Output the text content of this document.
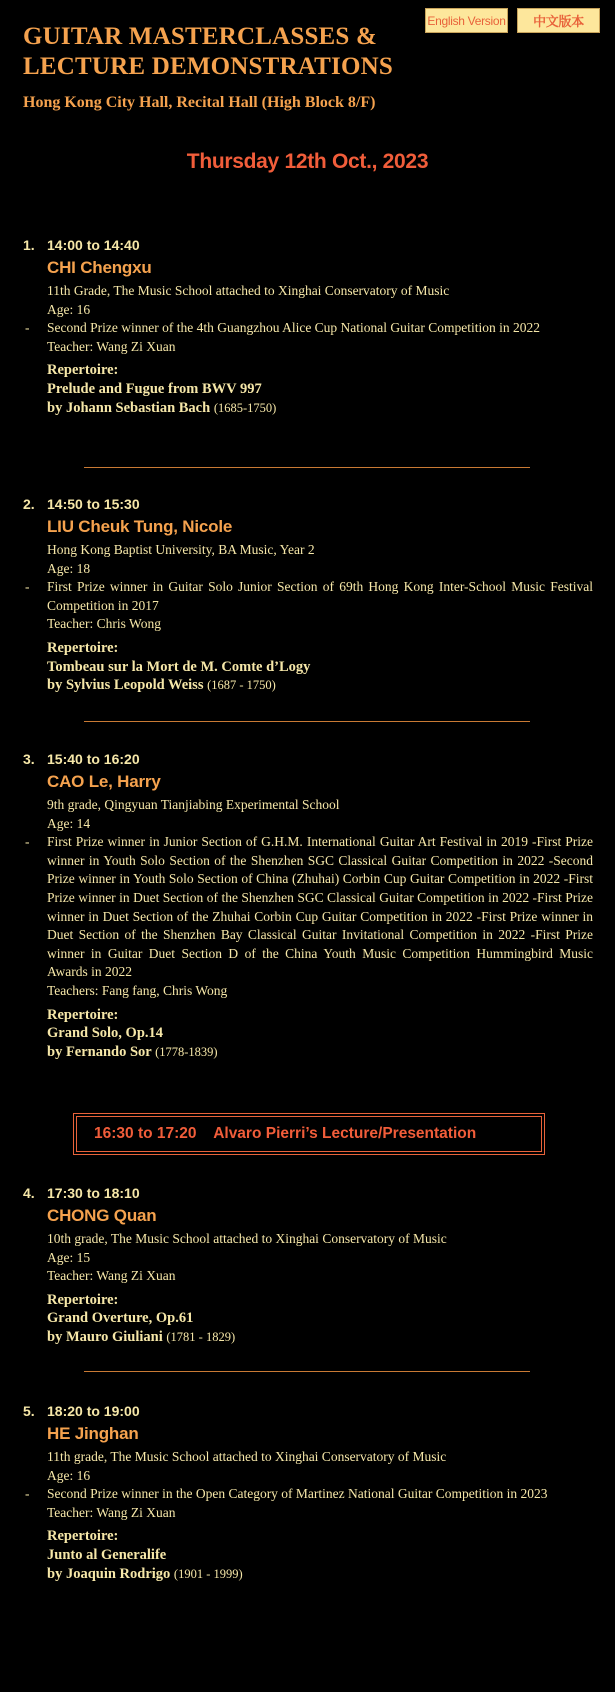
English Version	中文版本
GUITAR MASTERCLASSES &
LECTURE DEMONSTRATIONS
Hong Kong City Hall, Recital Hall (High Block 8/F)
Thursday 12th Oct., 2023
1. 14:00 to 14:40
CHI Chengxu
11th Grade, The Music School attached to Xinghai Conservatory of Music
Age: 16
- Second Prize winner of the 4th Guangzhou Alice Cup National Guitar Competition in 2022
Teacher: Wang Zi Xuan
Repertoire:
Prelude and Fugue from BWV 997
by Johann Sebastian Bach (1685-1750)
2. 14:50 to 15:30
LIU Cheuk Tung, Nicole
Hong Kong Baptist University, BA Music, Year 2
Age: 18
- First Prize winner in Guitar Solo Junior Section of 69th Hong Kong Inter-School Music Festival Competition in 2017
Teacher: Chris Wong
Repertoire:
Tombeau sur la Mort de M. Comte d’Logy
by Sylvius Leopold Weiss (1687 - 1750)
3. 15:40 to 16:20
CAO Le, Harry
9th grade, Qingyuan Tianjiabing Experimental School
Age: 14
- First Prize winner in Junior Section of G.H.M. International Guitar Art Festival in 2019 -First Prize winner in Youth Solo Section of the Shenzhen SGC Classical Guitar Competition in 2022 -Second Prize winner in Youth Solo Section of China (Zhuhai) Corbin Cup Guitar Competition in 2022 -First Prize winner in Duet Section of the Shenzhen SGC Classical Guitar Competition in 2022 -First Prize winner in Duet Section of the Zhuhai Corbin Cup Guitar Competition in 2022 -First Prize winner in Duet Section of the Shenzhen Bay Classical Guitar Invitational Competition in 2022 -First Prize winner in Guitar Duet Section D of the China Youth Music Competition Hummingbird Music Awards in 2022
Teachers: Fang fang, Chris Wong
Repertoire:
Grand Solo, Op.14
by Fernando Sor (1778-1839)
16:30 to 17:20 Alvaro Pierri’s Lecture/Presentation
4. 17:30 to 18:10
CHONG Quan
10th grade, The Music School attached to Xinghai Conservatory of Music
Age: 15
Teacher: Wang Zi Xuan
Repertoire:
Grand Overture, Op.61
by Mauro Giuliani (1781 - 1829)
5. 18:20 to 19:00
HE Jinghan
11th grade, The Music School attached to Xinghai Conservatory of Music
Age: 16
- Second Prize winner in the Open Category of Martinez National Guitar Competition in 2023
Teacher: Wang Zi Xuan
Repertoire:
Junto al Generalife
by Joaquin Rodrigo (1901 - 1999)
